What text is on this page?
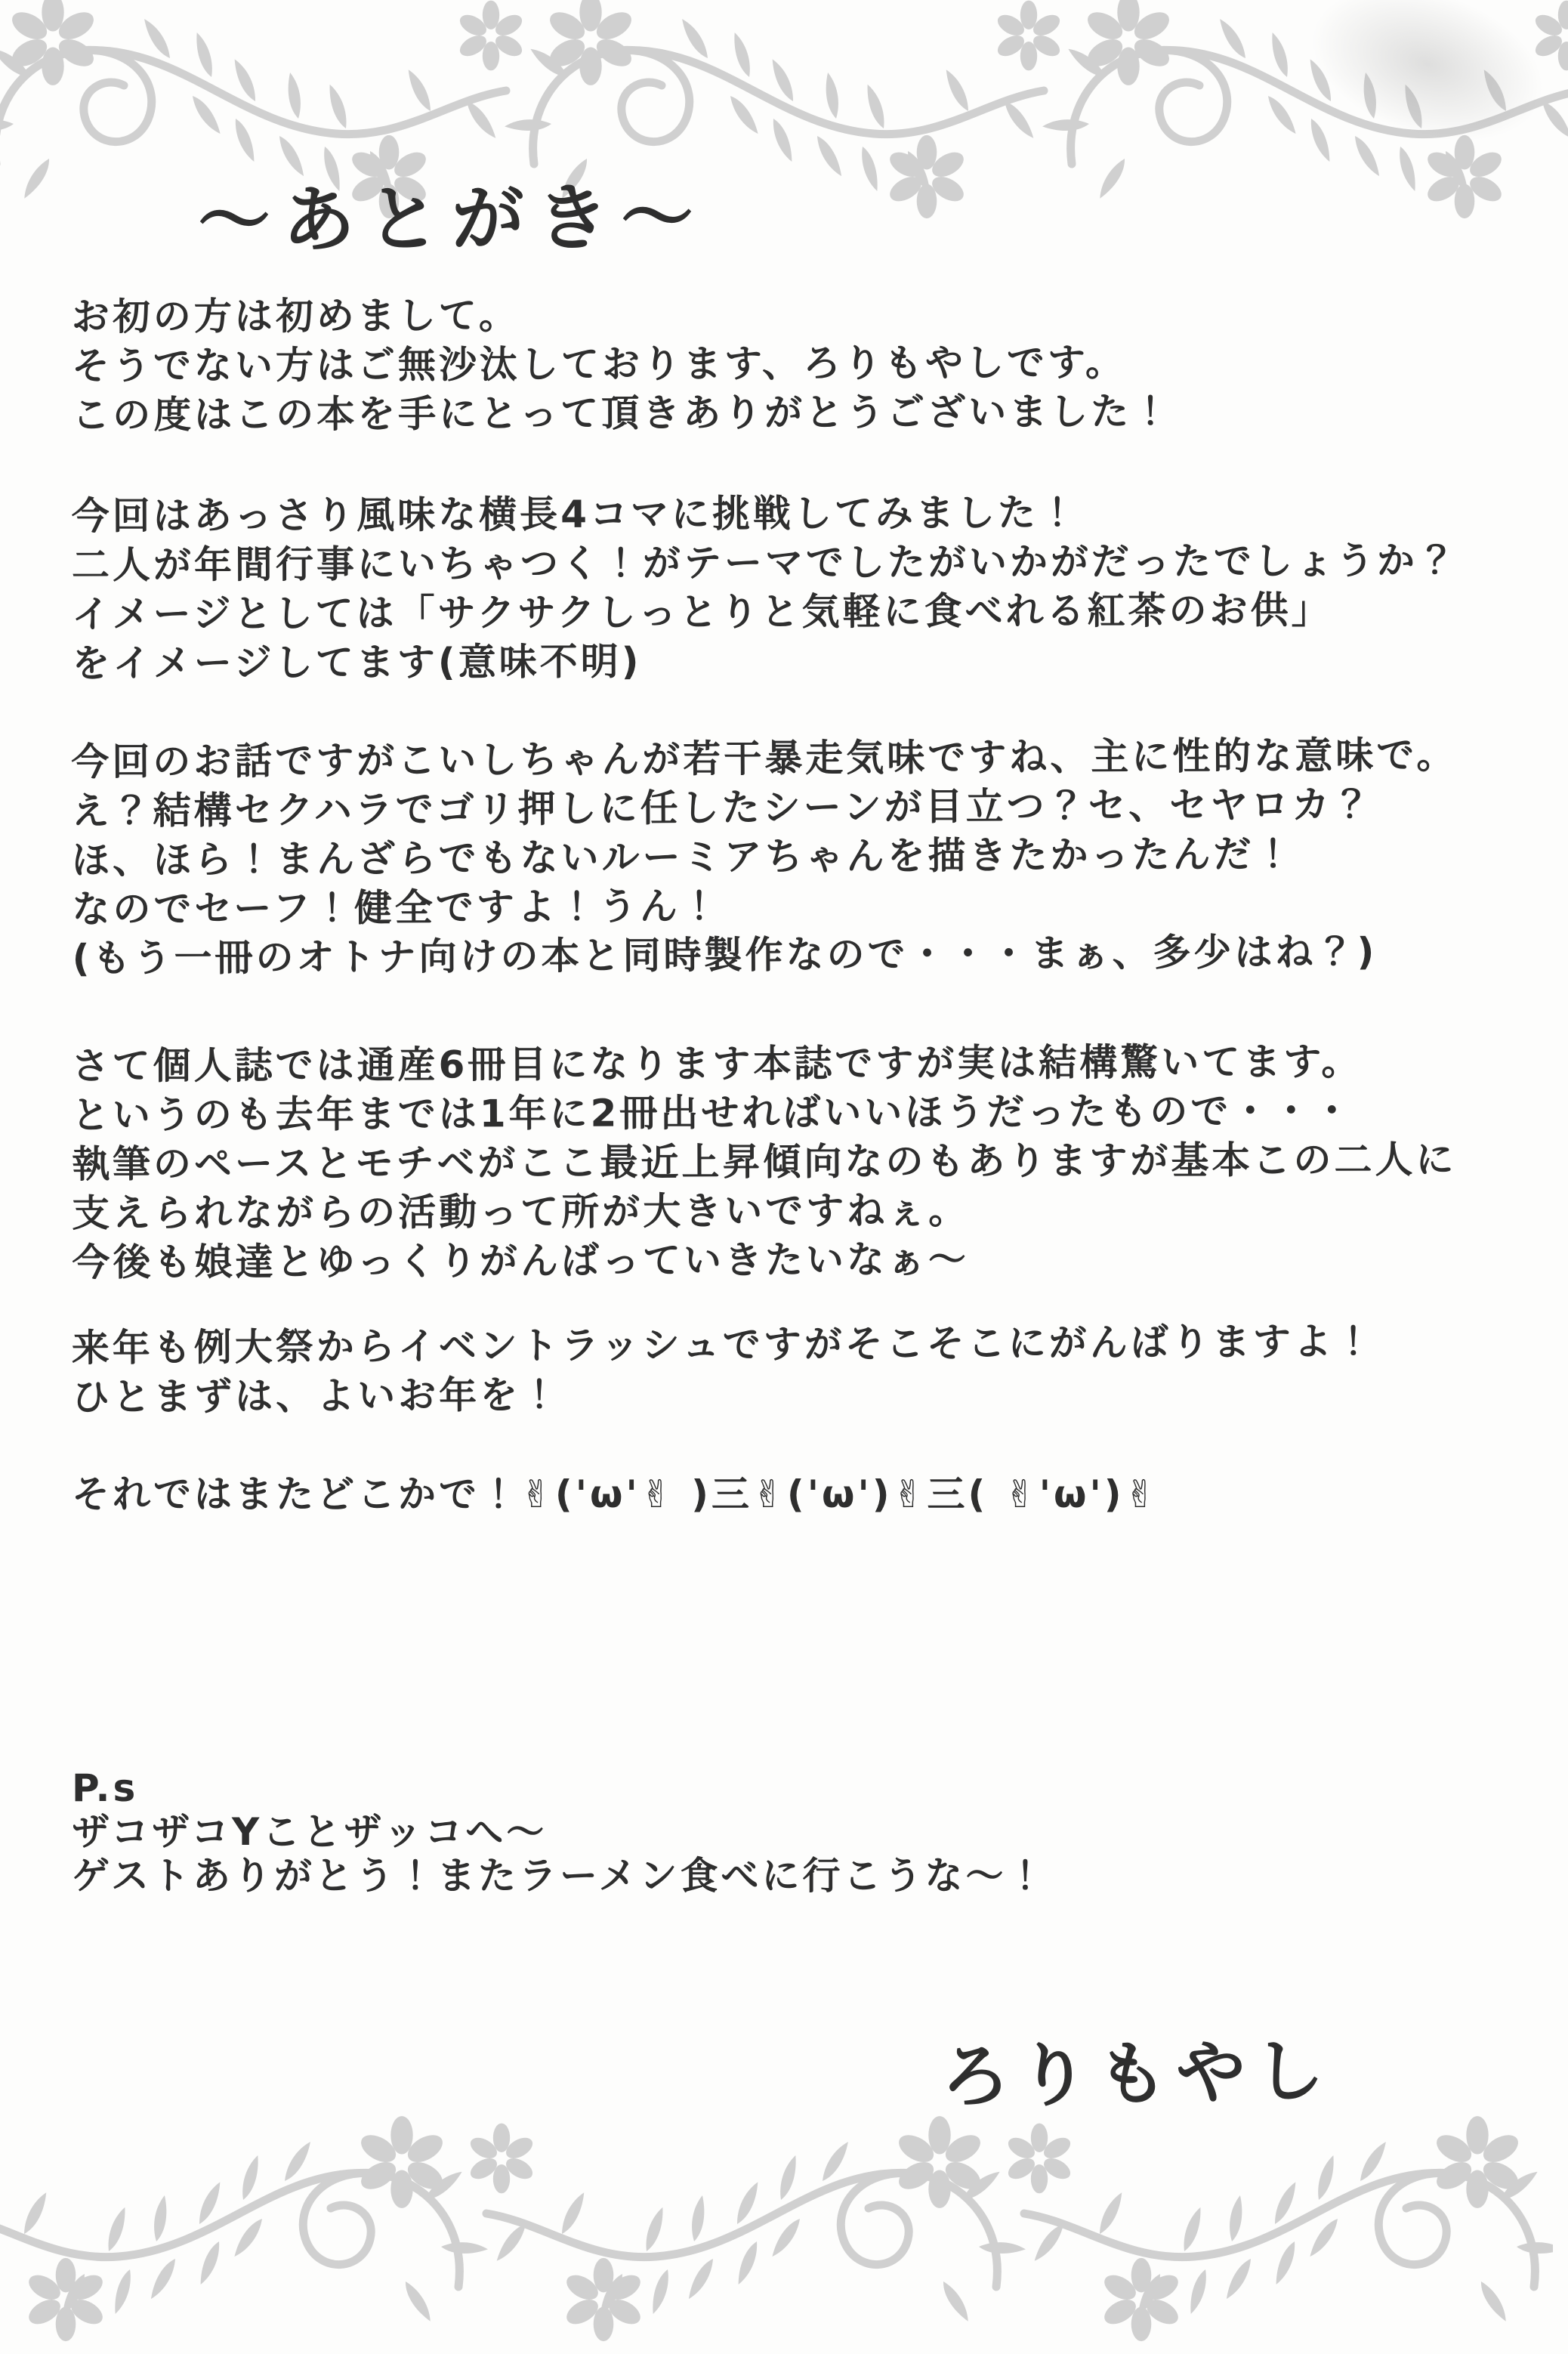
～あとがき～
お初の方は初めまして。
そうでない方はご無沙汰しております、ろりもやしです。
この度はこの本を手にとって頂きありがとうございました！
今回はあっさり風味な横長4コマに挑戦してみました！
二人が年間行事にいちゃつく！がテーマでしたがいかがだったでしょうか？
イメージとしては「サクサクしっとりと気軽に食べれる紅茶のお供」
をイメージしてます(意味不明)
今回のお話ですがこいしちゃんが若干暴走気味ですね、主に性的な意味で。
え？結構セクハラでゴリ押しに任したシーンが目立つ？セ、セヤロカ？
ほ、ほら！まんざらでもないルーミアちゃんを描きたかったんだ！
なのでセーフ！健全ですよ！うん！
(もう一冊のオトナ向けの本と同時製作なので・・・まぁ、多少はね？)
さて個人誌では通産6冊目になります本誌ですが実は結構驚いてます。
というのも去年までは1年に2冊出せればいいほうだったもので・・・
執筆のペースとモチベがここ最近上昇傾向なのもありますが基本この二人に
支えられながらの活動って所が大きいですねぇ。
今後も娘達とゆっくりがんばっていきたいなぁ～
来年も例大祭からイベントラッシュですがそこそこにがんばりますよ！
ひとまずは、よいお年を！
それではまたどこかで！✌('ω'✌ )三✌('ω')✌三( ✌'ω')✌
P.s
ザコザコYことザッコへ～
ゲストありがとう！またラーメン食べに行こうな～！
ろりもやし
